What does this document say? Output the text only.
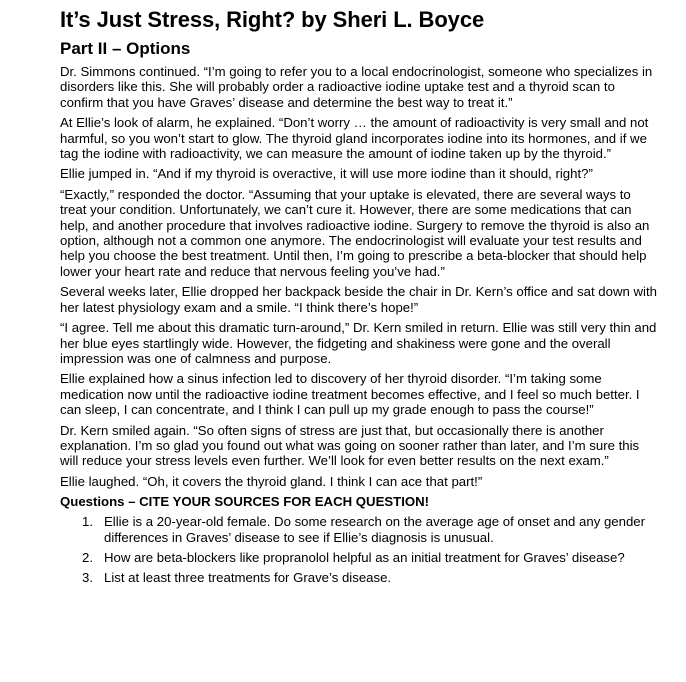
It’s Just Stress, Right? by Sheri L. Boyce
Part II – Options

Dr. Simmons continued. “I’m going to refer you to a local endocrinologist, someone who specializes in disorders like this. She will probably order a radioactive iodine uptake test and a thyroid scan to confirm that you have Graves’ disease and determine the best way to treat it.”

At Ellie’s look of alarm, he explained. “Don’t worry … the amount of radioactivity is very small and not harmful, so you won’t start to glow. The thyroid gland incorporates iodine into its hormones, and if we tag the iodine with radioactivity, we can measure the amount of iodine taken up by the thyroid.”

Ellie jumped in. “And if my thyroid is overactive, it will use more iodine than it should, right?”

“Exactly,” responded the doctor. “Assuming that your uptake is elevated, there are several ways to treat your condition. Unfortunately, we can’t cure it. However, there are some medications that can help, and another procedure that involves radioactive iodine. Surgery to remove the thyroid is also an option, although not a common one anymore. The endocrinologist will evaluate your test results and help you choose the best treatment. Until then, I’m going to prescribe a beta-blocker that should help lower your heart rate and reduce that nervous feeling you’ve had.”

Several weeks later, Ellie dropped her backpack beside the chair in Dr. Kern’s office and sat down with her latest physiology exam and a smile. “I think there’s hope!”

“I agree. Tell me about this dramatic turn-around,” Dr. Kern smiled in return. Ellie was still very thin and her blue eyes startlingly wide. However, the fidgeting and shakiness were gone and the overall impression was one of calmness and purpose.

Ellie explained how a sinus infection led to discovery of her thyroid disorder. “I’m taking some medication now until the radioactive iodine treatment becomes effective, and I feel so much better. I can sleep, I can concentrate, and I think I can pull up my grade enough to pass the course!”

Dr. Kern smiled again. “So often signs of stress are just that, but occasionally there is another explanation. I’m so glad you found out what was going on sooner rather than later, and I’m sure this will reduce your stress levels even further. We’ll look for even better results on the next exam.”

Ellie laughed. “Oh, it covers the thyroid gland. I think I can ace that part!”

Questions – CITE YOUR SOURCES FOR EACH QUESTION!
1. Ellie is a 20-year-old female. Do some research on the average age of onset and any gender differences in Graves’ disease to see if Ellie’s diagnosis is unusual.
2. How are beta-blockers like propranolol helpful as an initial treatment for Graves’ disease?
3. List at least three treatments for Grave’s disease.
